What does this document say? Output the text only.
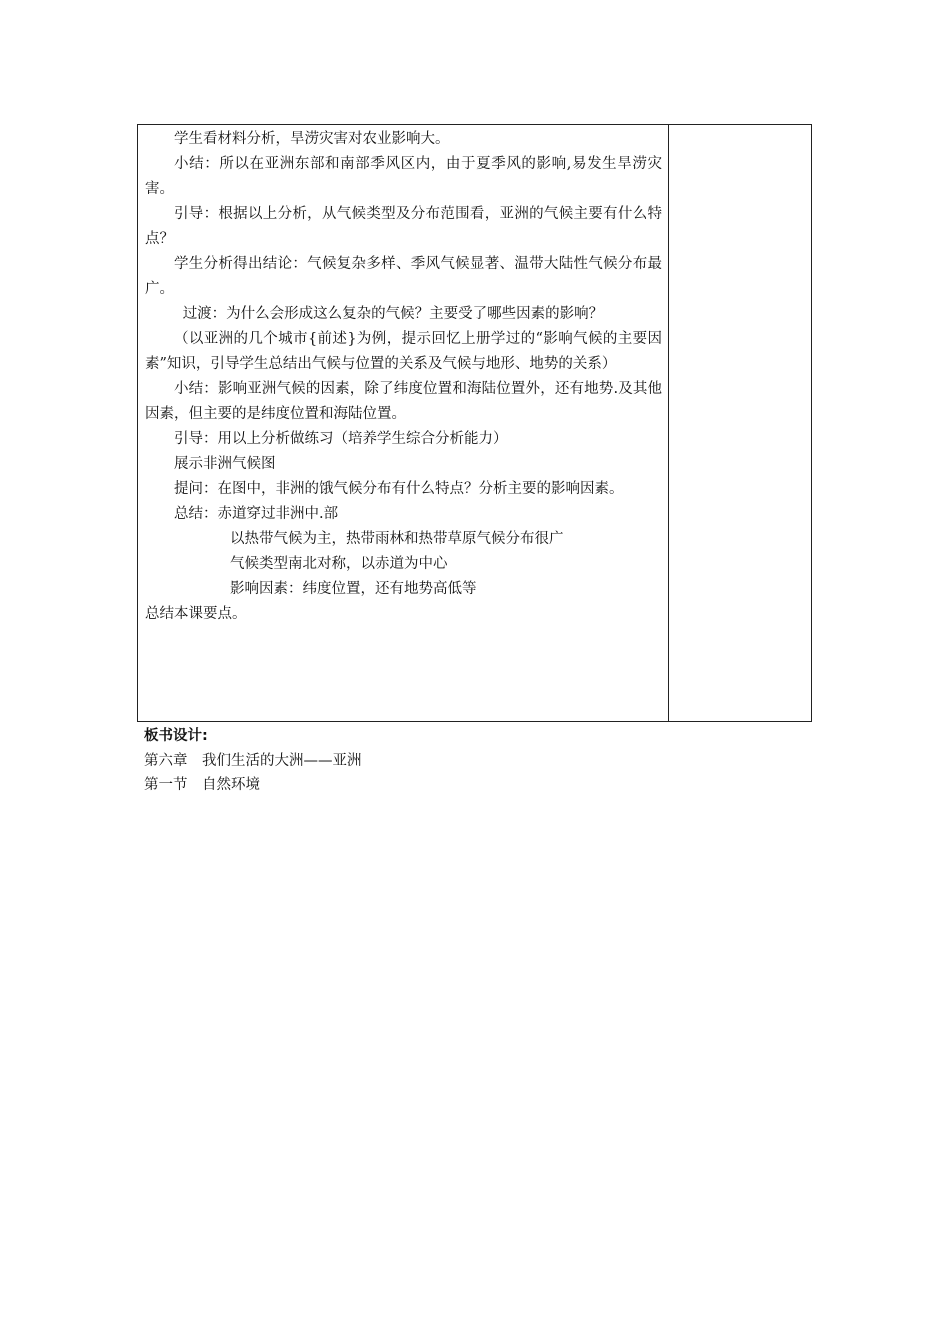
学生看材料分析，旱涝灾害对农业影响大。

小结：所以在亚洲东部和南部季风区内，由于夏季风的影响,易发生旱涝灾害。

引导：根据以上分析，从气候类型及分布范围看，亚洲的气候主要有什么特点？

学生分析得出结论：气候复杂多样、季风气候显著、温带大陆性气候分布最广。

过渡：为什么会形成这么复杂的气候？主要受了哪些因素的影响？

（以亚洲的几个城市{前述}为例，提示回忆上册学过的“影响气候的主要因素”知识，引导学生总结出气候与位置的关系及气候与地形、地势的关系）

小结：影响亚洲气候的因素，除了纬度位置和海陆位置外，还有地势.及其他因素，但主要的是纬度位置和海陆位置。

引导：用以上分析做练习（培养学生综合分析能力）

展示非洲气候图

提问：在图中，非洲的饿气候分布有什么特点？分析主要的影响因素。

总结：赤道穿过非洲中.部

以热带气候为主，热带雨林和热带草原气候分布很广

气候类型南北对称，以赤道为中心

影响因素：纬度位置，还有地势高低等

总结本课要点。

板书设计:
第六章　我们生活的大洲——亚洲
第一节　自然环境
